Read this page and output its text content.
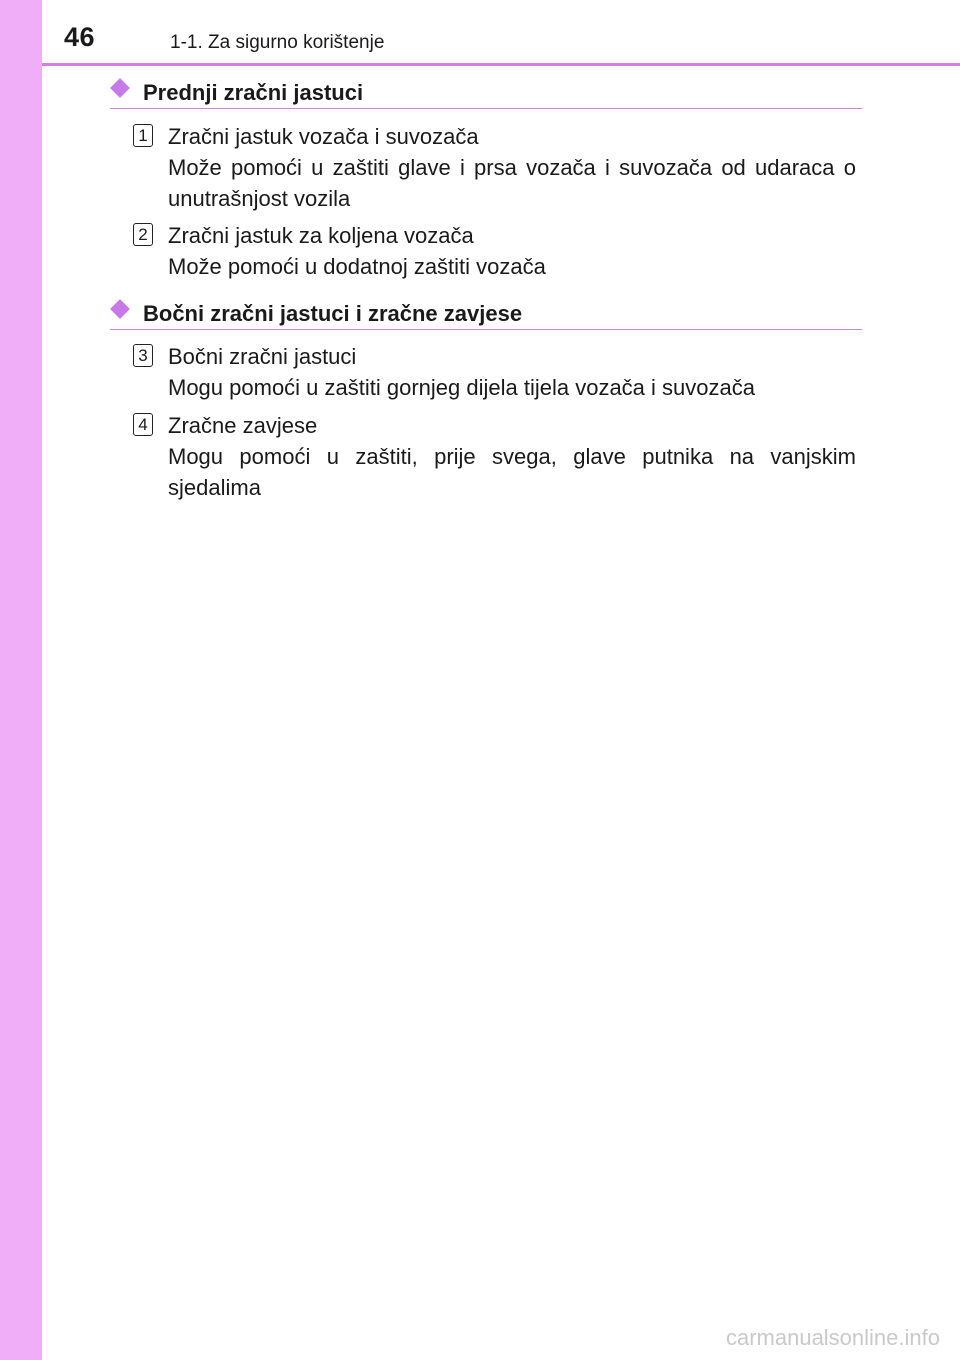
46	1-1. Za sigurno korištenje
Prednji zračni jastuci
1 Zračni jastuk vozača i suvozača
Može pomoći u zaštiti glave i prsa vozača i suvozača od udaraca o unutrašnjost vozila
2 Zračni jastuk za koljena vozača
Može pomoći u dodatnoj zaštiti vozača
Bočni zračni jastuci i zračne zavjese
3 Bočni zračni jastuci
Mogu pomoći u zaštiti gornjeg dijela tijela vozača i suvozača
4 Zračne zavjese
Mogu pomoći u zaštiti, prije svega, glave putnika na vanjskim sjedalima
carmanualsonline.info
